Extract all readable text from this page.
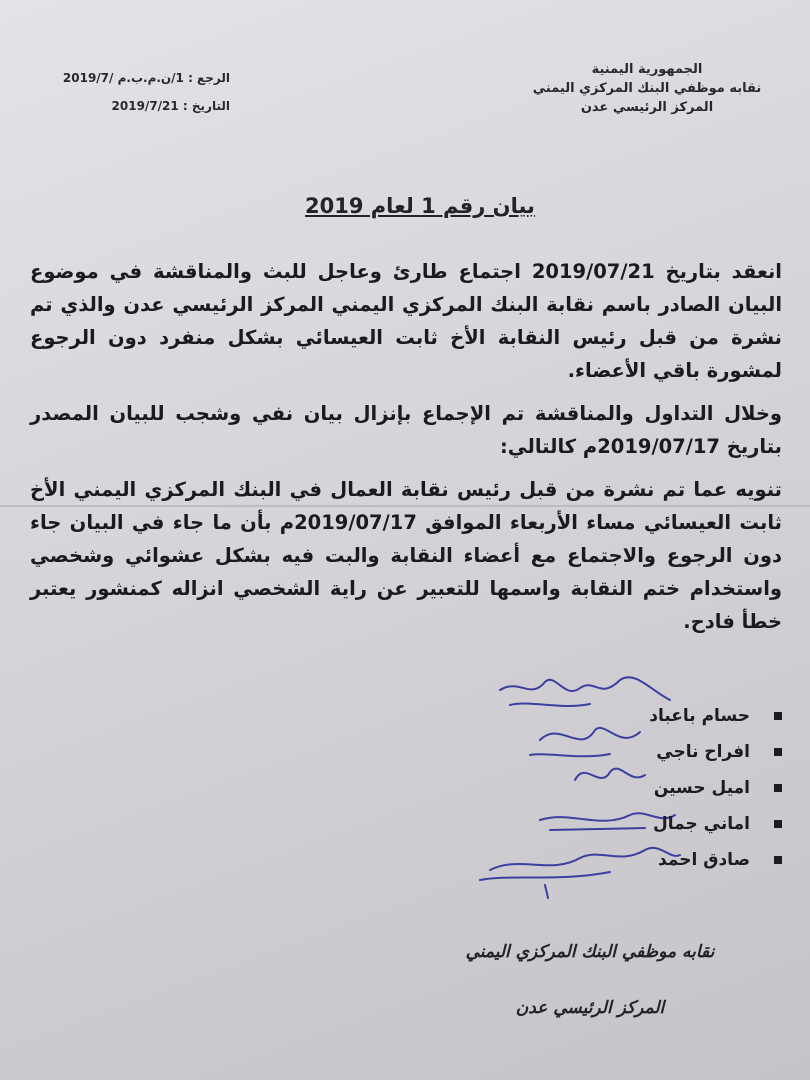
الجمهورية اليمنية
نقابه موظفي البنك المركزي اليمني
المركز الرئيسي عدن
الرجع : 1/ن.م.ب.م /2019/7
التاريخ : 2019/7/21
بيان رقم 1 لعام 2019

انعقد بتاريخ 2019/07/21 اجتماع طارئ وعاجل للبث والمناقشة في موضوع البيان الصادر باسم نقابة البنك المركزي اليمني المركز الرئيسي عدن والذي تم نشرة من قبل رئيس النقابة الأخ ثابت العيسائي بشكل منفرد دون الرجوع لمشورة باقي الأعضاء.

وخلال التداول والمناقشة تم الإجماع بإنزال بيان نفي وشجب للبيان المصدر بتاريخ 2019/07/17م كالتالي:

تنويه عما تم نشرة من قبل رئيس نقابة العمال في البنك المركزي اليمني الأخ ثابت العيسائي مساء الأربعاء الموافق 2019/07/17م بأن ما جاء في البيان جاء دون الرجوع والاجتماع مع أعضاء النقابة والبت فيه بشكل عشوائي وشخصي واستخدام ختم النقابة واسمها للتعبير عن راية الشخصي انزاله كمنشور يعتبر خطأ فادح.

حسام باعباد
افراح ناجي
اميل حسين
اماني جمال
صادق احمد
نقابه موظفي البنك المركزي اليمني
المركز الرئيسي عدن
